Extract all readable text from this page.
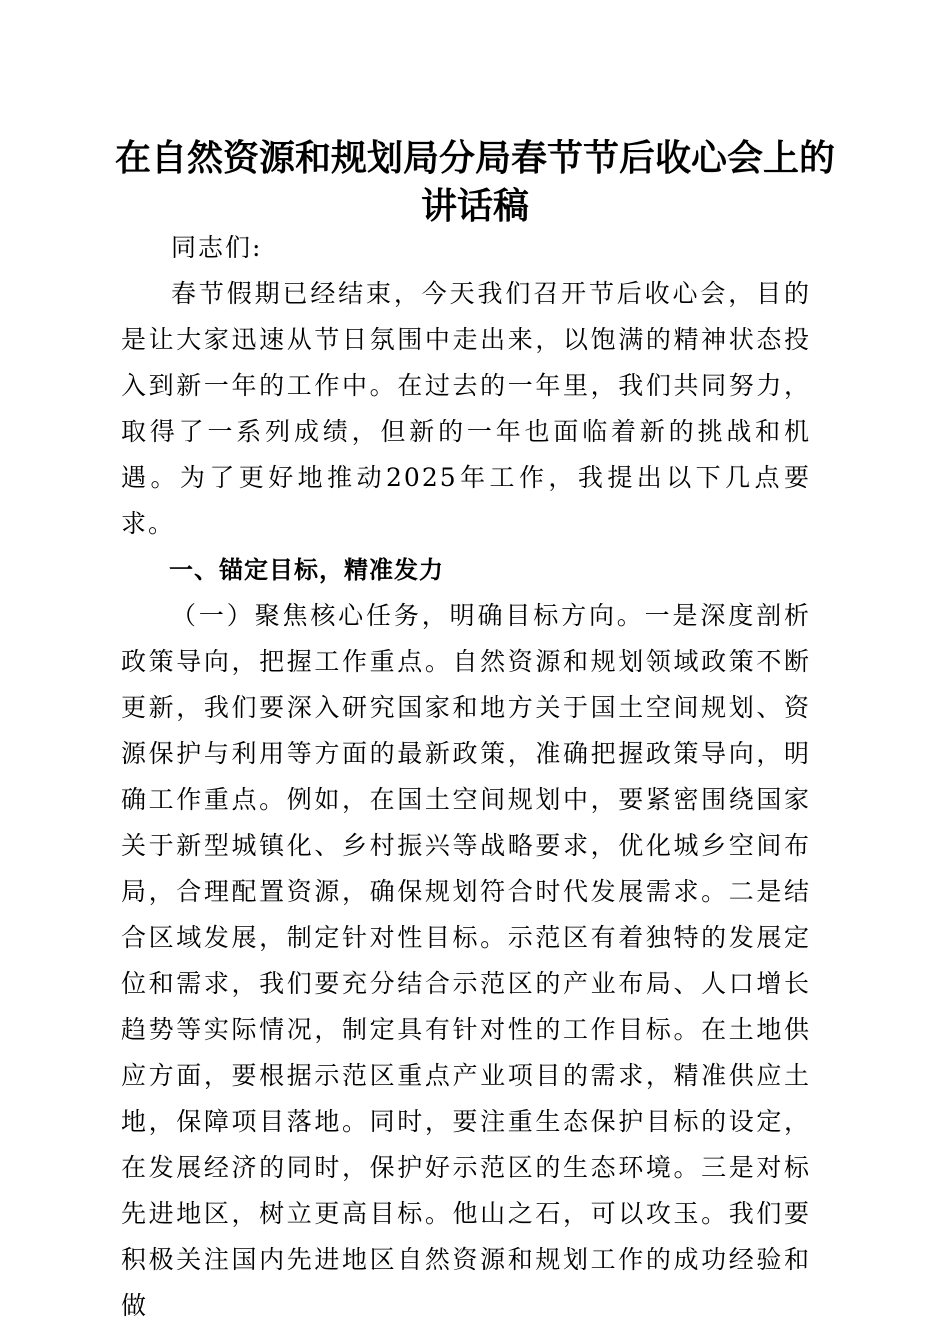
在自然资源和规划局分局春节节后收心会上的讲话稿

同志们:

春节假期已经结束，今天我们召开节后收心会，目的是让大家迅速从节日氛围中走出来，以饱满的精神状态投入到新一年的工作中。在过去的一年里，我们共同努力，取得了一系列成绩，但新的一年也面临着新的挑战和机遇。为了更好地推动2025年工作，我提出以下几点要求。

一、锚定目标，精准发力

（一）聚焦核心任务，明确目标方向。一是深度剖析政策导向，把握工作重点。自然资源和规划领域政策不断更新，我们要深入研究国家和地方关于国土空间规划、资源保护与利用等方面的最新政策，准确把握政策导向，明确工作重点。例如，在国土空间规划中，要紧密围绕国家关于新型城镇化、乡村振兴等战略要求，优化城乡空间布局，合理配置资源，确保规划符合时代发展需求。二是结合区域发展，制定针对性目标。示范区有着独特的发展定位和需求，我们要充分结合示范区的产业布局、人口增长趋势等实际情况，制定具有针对性的工作目标。在土地供应方面，要根据示范区重点产业项目的需求，精准供应土地，保障项目落地。同时，要注重生态保护目标的设定，在发展经济的同时，保护好示范区的生态环境。三是对标先进地区，树立更高目标。他山之石，可以攻玉。我们要积极关注国内先进地区自然资源和规划工作的成功经验和做
